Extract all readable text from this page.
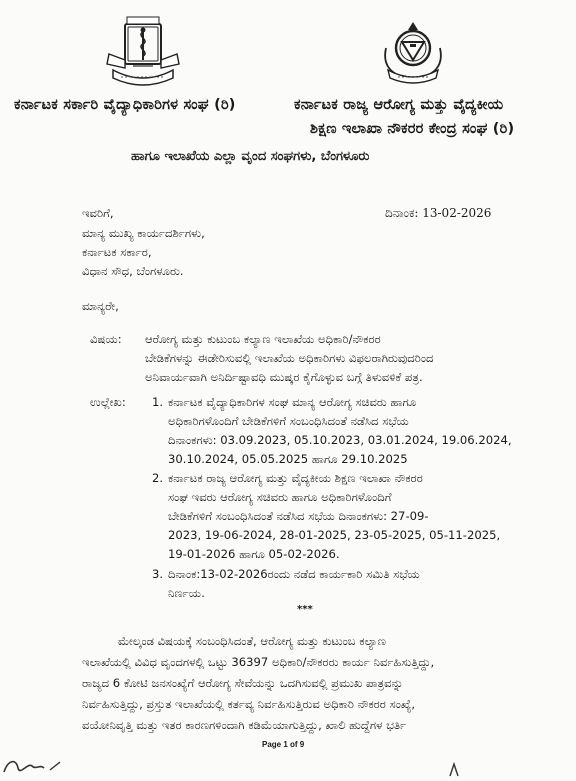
ಕರ್ನಾಟಕ ಸರ್ಕಾರಿ ವೈದ್ಯಾಧಿಕಾರಿಗಳ ಸಂಘ (ರಿ)	ಕರ್ನಾಟಕ ರಾಜ್ಯ ಆರೋಗ್ಯ ಮತ್ತು ವೈದ್ಯಕೀಯ
ಶಿಕ್ಷಣ ಇಲಾಖಾ ನೌಕರರ ಕೇಂದ್ರ ಸಂಘ (ರಿ)
ಹಾಗೂ ಇಲಾಖೆಯ ಎಲ್ಲಾ ವೃಂದ ಸಂಘಗಳು, ಬೆಂಗಳೂರು
ದಿನಾಂಕ: 13-02-2026
ಇವರಿಗೆ,
ಮಾನ್ಯ ಮುಖ್ಯ ಕಾರ್ಯದರ್ಶಿಗಳು,
ಕರ್ನಾಟಕ ಸರ್ಕಾರ,
ವಿಧಾನ ಸೌಧ, ಬೆಂಗಳೂರು.
ಮಾನ್ಯರೇ,
ವಿಷಯ: ಆರೋಗ್ಯ ಮತ್ತು ಕುಟುಂಬ ಕಲ್ಯಾಣ ಇಲಾಖೆಯ ಅಧಿಕಾರಿ/ನೌಕರರ
ಬೇಡಿಕೆಗಳನ್ನು ಈಡೇರಿಸುವಲ್ಲಿ ಇಲಾಖೆಯ ಅಧಿಕಾರಿಗಳು ವಿಫಲರಾಗಿರುವುದರಿಂದ
ಅನಿವಾರ್ಯವಾಗಿ ಅನಿರ್ದಿಷ್ಟಾವಧಿ ಮುಷ್ಕರ ಕೈಗೊಳ್ಳುವ ಬಗ್ಗೆ ತಿಳುವಳಿಕೆ ಪತ್ರ.
ಉಲ್ಲೇಖ: 1. ಕರ್ನಾಟಕ ವೈದ್ಯಾಧಿಕಾರಿಗಳ ಸಂಘ ಮಾನ್ಯ ಆರೋಗ್ಯ ಸಚಿವರು ಹಾಗೂ
ಅಧಿಕಾರಿಗಳೊಂದಿಗೆ ಬೇಡಿಕೆಗಳಿಗೆ ಸಂಬಂಧಿಸಿದಂತೆ ನಡೆಸಿದ ಸಭೆಯ
ದಿನಾಂಕಗಳು: 03.09.2023, 05.10.2023, 03.01.2024, 19.06.2024,
30.10.2024, 05.05.2025 ಹಾಗೂ 29.10.2025
2. ಕರ್ನಾಟಕ ರಾಜ್ಯ ಆರೋಗ್ಯ ಮತ್ತು ವೈದ್ಯಕೀಯ ಶಿಕ್ಷಣ ಇಲಾಖಾ ನೌಕರರ
ಸಂಘ ಇವರು ಆರೋಗ್ಯ ಸಚಿವರು ಹಾಗೂ ಅಧಿಕಾರಿಗಳೊಂದಿಗೆ
ಬೇಡಿಕೆಗಳಿಗೆ ಸಂಬಂಧಿಸಿದಂತೆ ನಡೆಸಿದ ಸಭೆಯ ದಿನಾಂಕಗಳು: 27-09-
2023, 19-06-2024, 28-01-2025, 23-05-2025, 05-11-2025,
19-01-2026 ಹಾಗೂ 05-02-2026.
3. ದಿನಾಂಕ:13-02-2026ರಂದು ನಡೆದ ಕಾರ್ಯಕಾರಿ ಸಮಿತಿ ಸಭೆಯ
ನಿರ್ಣಯ.
***
ಮೇಲ್ಕಂಡ ವಿಷಯಕ್ಕೆ ಸಂಬಂಧಿಸಿದಂತೆ, ಆರೋಗ್ಯ ಮತ್ತು ಕುಟುಂಬ ಕಲ್ಯಾಣ
ಇಲಾಖೆಯಲ್ಲಿ ವಿವಿಧ ವೃಂದಗಳಲ್ಲಿ ಒಟ್ಟು 36397 ಅಧಿಕಾರಿ/ನೌಕರರು ಕಾರ್ಯ ನಿರ್ವಹಿಸುತ್ತಿದ್ದು,
ರಾಜ್ಯದ 6 ಕೋಟಿ ಜನಸಂಖ್ಯೆಗೆ ಆರೋಗ್ಯ ಸೇವೆಯನ್ನು ಒದಗಿಸುವಲ್ಲಿ ಪ್ರಮುಖ ಪಾತ್ರವನ್ನು
ನಿರ್ವಹಿಸುತ್ತಿದ್ದು, ಪ್ರಸ್ತುತ ಇಲಾಖೆಯಲ್ಲಿ ಕರ್ತವ್ಯ ನಿರ್ವಹಿಸುತ್ತಿರುವ ಅಧಿಕಾರಿ ನೌಕರರ ಸಂಖ್ಯೆ,
ವಯೋನಿವೃತ್ತಿ ಮತ್ತು ಇತರ ಕಾರಣಗಳಿಂದಾಗಿ ಕಡಿಮೆಯಾಗುತ್ತಿದ್ದು, ಖಾಲಿ ಹುದ್ದೆಗಳ ಭರ್ತಿ
Page 1 of 9
